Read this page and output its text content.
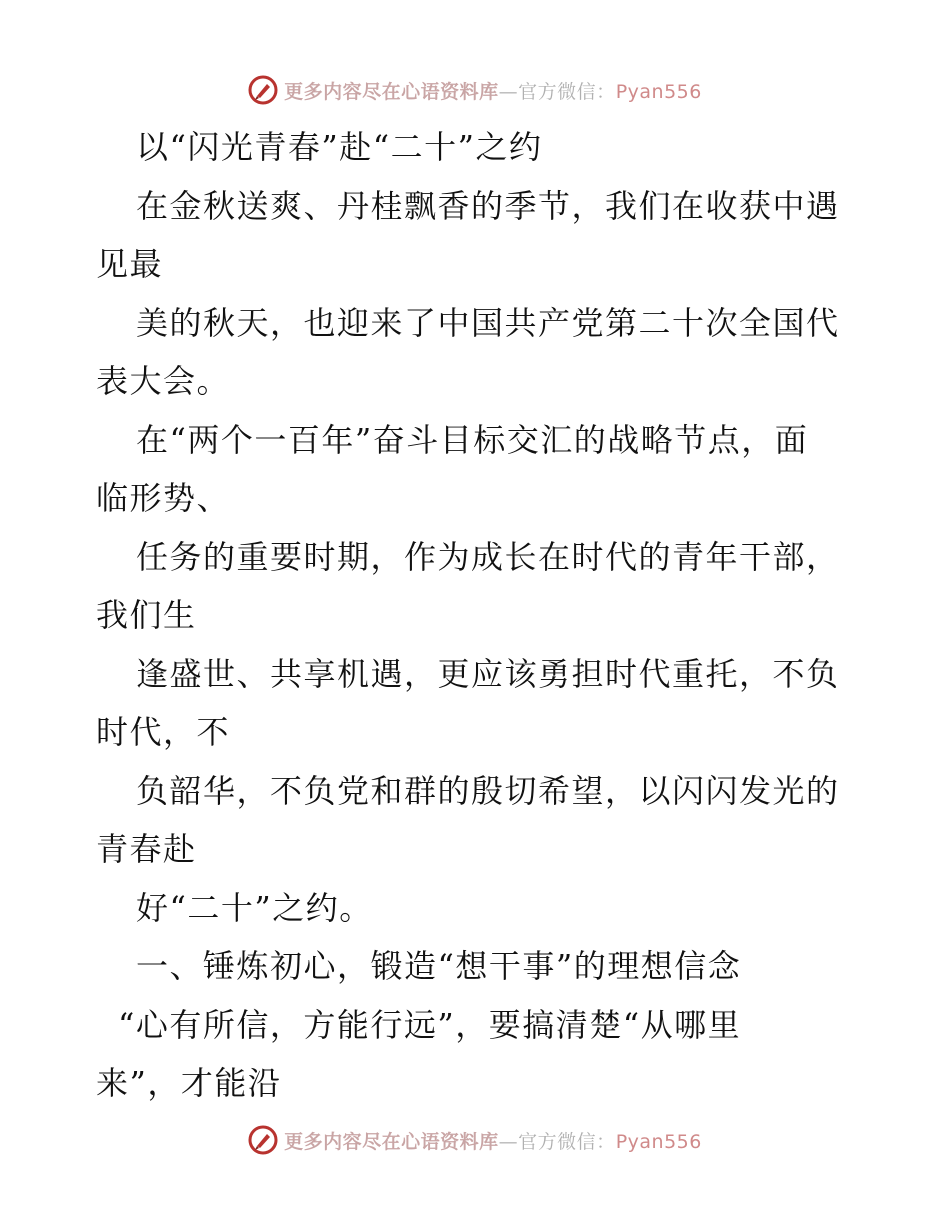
更多内容尽在心语资料库—官方微信：Pyan556
以“闪光青春”赴“二十”之约
在金秋送爽、丹桂飘香的季节，我们在收获中遇
见最
美的秋天，也迎来了中国共产党第二十次全国代
表大会。
在“两个一百年”奋斗目标交汇的战略节点，面
临形势、
任务的重要时期，作为成长在时代的青年干部，
我们生
逢盛世、共享机遇，更应该勇担时代重托，不负
时代，不
负韶华，不负党和群的殷切希望，以闪闪发光的
青春赴
好“二十”之约。
一、锤炼初心，锻造“想干事”的理想信念
“心有所信，方能行远”，要搞清楚“从哪里
来”，才能沿
更多内容尽在心语资料库—官方微信：Pyan556
